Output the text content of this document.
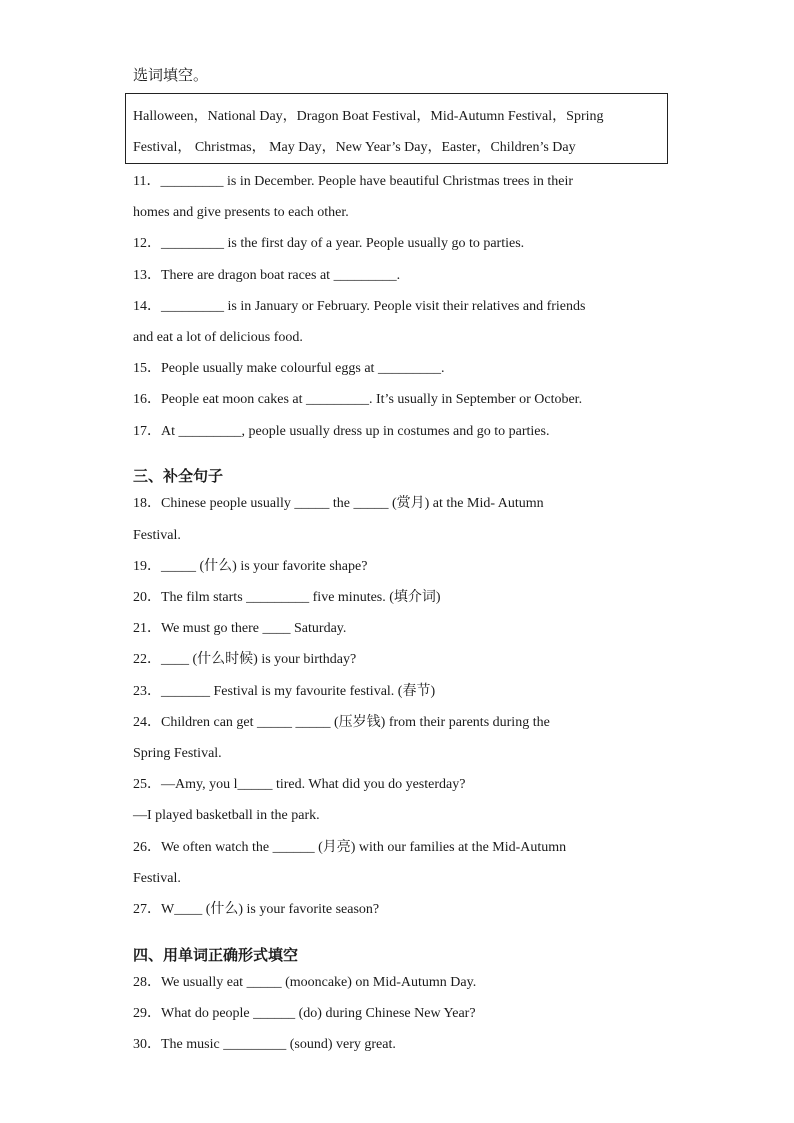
选词填空。
Halloween，National Day，Dragon Boat Festival，Mid-Autumn Festival，Spring
Festival， Christmas， May Day，New Year’s Day，Easter，Children’s Day
11．_________ is in December. People have beautiful Christmas trees in their
homes and give presents to each other.
12．_________ is the first day of a year. People usually go to parties.
13．There are dragon boat races at _________.
14．_________ is in January or February. People visit their relatives and friends
and eat a lot of delicious food.
15．People usually make colourful eggs at _________.
16．People eat moon cakes at _________. It’s usually in September or October.
17．At _________, people usually dress up in costumes and go to parties.
三、补全句子
18．Chinese people usually _____ the _____ (赏月) at the Mid- Autumn
Festival.
19．_____ (什么) is your favorite shape?
20．The film starts _________ five minutes. (填介词)
21．We must go there ____ Saturday.
22．____ (什么时候) is your birthday?
23．_______ Festival is my favourite festival. (春节)
24．Children can get _____ _____ (压岁钱) from their parents during the
Spring Festival.
25．—Amy, you l_____ tired. What did you do yesterday?
—I played basketball in the park.
26．We often watch the ______ (月亮) with our families at the Mid-Autumn
Festival.
27．W____ (什么) is your favorite season?
四、用单词正确形式填空
28．We usually eat _____ (mooncake) on Mid-Autumn Day.
29．What do people ______ (do) during Chinese New Year?
30．The music _________ (sound) very great.
